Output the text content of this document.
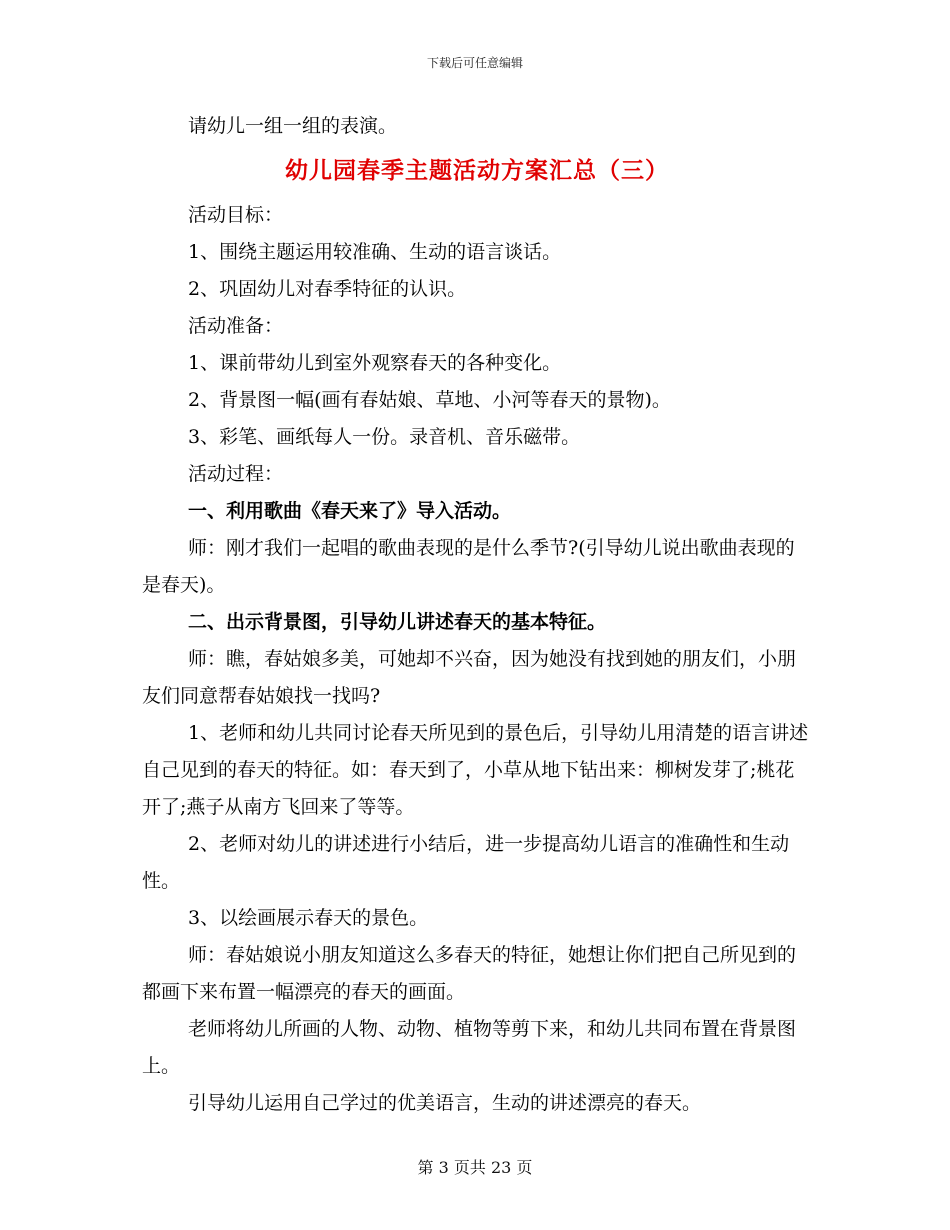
下载后可任意编辑

请幼儿一组一组的表演。

幼儿园春季主题活动方案汇总（三）

活动目标：

1、围绕主题运用较准确、生动的语言谈话。

2、巩固幼儿对春季特征的认识。

活动准备：

1、课前带幼儿到室外观察春天的各种变化。

2、背景图一幅(画有春姑娘、草地、小河等春天的景物)。

3、彩笔、画纸每人一份。录音机、音乐磁带。

活动过程：

一、利用歌曲《春天来了》导入活动。

师：刚才我们一起唱的歌曲表现的是什么季节?(引导幼儿说出歌曲表现的是春天)。

二、出示背景图，引导幼儿讲述春天的基本特征。

师：瞧，春姑娘多美，可她却不兴奋，因为她没有找到她的朋友们，小朋友们同意帮春姑娘找一找吗?

1、老师和幼儿共同讨论春天所见到的景色后，引导幼儿用清楚的语言讲述自己见到的春天的特征。如：春天到了，小草从地下钻出来：柳树发芽了;桃花开了;燕子从南方飞回来了等等。

2、老师对幼儿的讲述进行小结后，进一步提高幼儿语言的准确性和生动性。

3、以绘画展示春天的景色。

师：春姑娘说小朋友知道这么多春天的特征，她想让你们把自己所见到的都画下来布置一幅漂亮的春天的画面。

老师将幼儿所画的人物、动物、植物等剪下来，和幼儿共同布置在背景图上。

引导幼儿运用自己学过的优美语言，生动的讲述漂亮的春天。

第 3 页共 23 页
